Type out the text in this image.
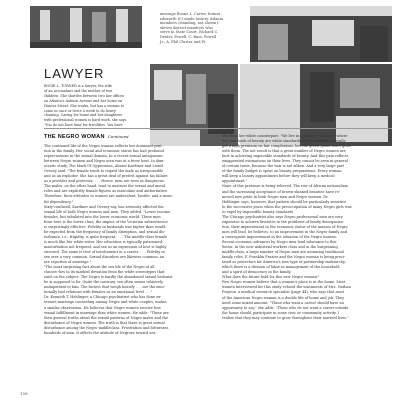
message Boone L. Carter, former
rdsworth (C) made history. Atlanta
members (standing, not shown):
eleven district members who
serve in State Court, Richard C.
Dexter, Powell, C. Bass, Powell
Jr., A. Phil Cluster and W.
LAWYER
ROSIE L. TURNER is a lawyer, the wife
of an accountant and the mother of two
children. She shuttles between two law offices
on Atlanta's Auburn Avenue and her home on
Hunter Street. She works, but has a woman to
come in once or twice a week to do heavy
cleaning. Caring for home and her daughters
with professional women is hard work, she says.
"You do not have time for frivolities. You have
THE NEGRO WOMAN Continued
The continued life of the Negro woman reflects her dominant posi-
tion in the family. Her social and economic status has had profound
repercussions in the sexual domain. In a recent sexual antagonism
between Negro women and Negro men was at a fever heat. In dem-
ocratic study, The Mark Of Oppression, Abram Kardiner and Lionel
Ovesey said, "The female tends to regard the male as irresponsible
and as an exploiter. She has a great deal of protest against his failure
as a provider and protector. . . . Hence, men are seen as dangerous.
The males, on the other hand, tend to mistrust the sexual and moral
roles and are explicitly female figures as masculine and authoritative.
Therefore, their attitudes to women are ambivalent, hostile, and a meas-
ful dependency."
Sixty-confused, Kardiner and Ovesey say, has seriously affected the
sexual life of both Negro women and men. They added, "Lower income
females, but tabulated into the lower economic world. These men
from here is the lower class, the impact of the Victorian subservience
is surprisingly effective. Fidelity in husbands was higher than would
be expected from the frequency of family disruption, and sexual dis-
turbance, i.e., frigidity, is quite frequent. . . . The middle-class female
is much like her white sister. Her education is typically patronized,
masturbation not frequent, and sex as an expression of love is highly
stressed. The same is true of involvement in a career. . . . Fidelity in
sex over a very common. Sexual disorders are likewise common, an
are rejection of marriage."
"The most surprising fact about the sex life of the Negro-of all
classes--lies in its marked deviation from the white stereotypes that
exist on the subject. The Negro is hardly the abandoned sexual hedonist
he is supposed to be. Quite the contrary, sex often seems relatively
unimportant to him. The factors that weigh heavily . . . are the emo-
tionally bad relations with females as an emotional level . . ."
Dr. Kenneth T. Heblinger, a Chicago psychiatrist who has done ex-
tensive marriage counseling among Negro and white couples, makes
a similar observation. He believes that Negro women receive less
sexual fulfillment in marriage than white women. He adds: "These are
then general truths about the sexual patterns of Negro males and the
disturbance of Negro women. The truth is that there is great sexual
disturbance among the Negro middleclass. Frustration and bitterness
hundreds of men. It affects the attitude of Negroes toward sex.
less than her white counterpart. "We live in a society," he says, "where
the standards of beauty are white standards. Negro women generally
get a high premium on fair complexions, but the green grass won't grow
with them. The net result is that a great number of Negro women are
hurt in achieving impossible standards of beauty. And this pain reflects
exaggerated estimations on their lives. They cannot be seen in general
of certain traits, because the hair is not silken. And a very large part
of the family budget is spent on beauty preparations. Every woman
will keep a beauty appointment before they will keep a medical
appointment."
None of this pressure is being relieved. The rise of African nationalism
and the increasing acceptance of brown-skinned beauties have re-
moved new pride in both Negro men and Negro women. Dr.
Heblinger says, however, that pattern should be particularly sensitive
to the successive years when the preoccupation of many Negro girls was
to expel by impossible beauty standards.
The Chicago psychiatrist also says Negro professional men are very
expensive to achieve favorites in the problems of family disorganiza-
tion, their improvement in the economic status of the masses of Negro
men will lead, he believes, to an improvement in the Negro family and
a consequent improvement in the situation of the Negro woman.
Recent economic advances by Negro men lend substance to this
thesis. In the new industrial workers class and in the burgeoning
middle-class, a large number of Negro men are assuming traditional
family roles. F. Franklin Frazier and the Negro woman is being preci-
tated as protectors for America's new type of partnership-matriarchy,
which there is a division of labor in management of the household
and a spirit of democracy in the family.
What does the future hold for this new Negro woman?
Few Negro women believe that a woman's place is in the home. Most
women interviewed for this study echoed the sentiments of Mrs. Nathan
Prayton, a medical research specialist (page 44), who says that most
of the American Negro woman is a double life of home and job. They
need some mixed amount. "Those who want a career should have an
opportunity to say," she adds. "Those who do not want a career outside
the home should participate in some civic or community activity. I
realize that they may continue to grow throughout their married lives."
158
